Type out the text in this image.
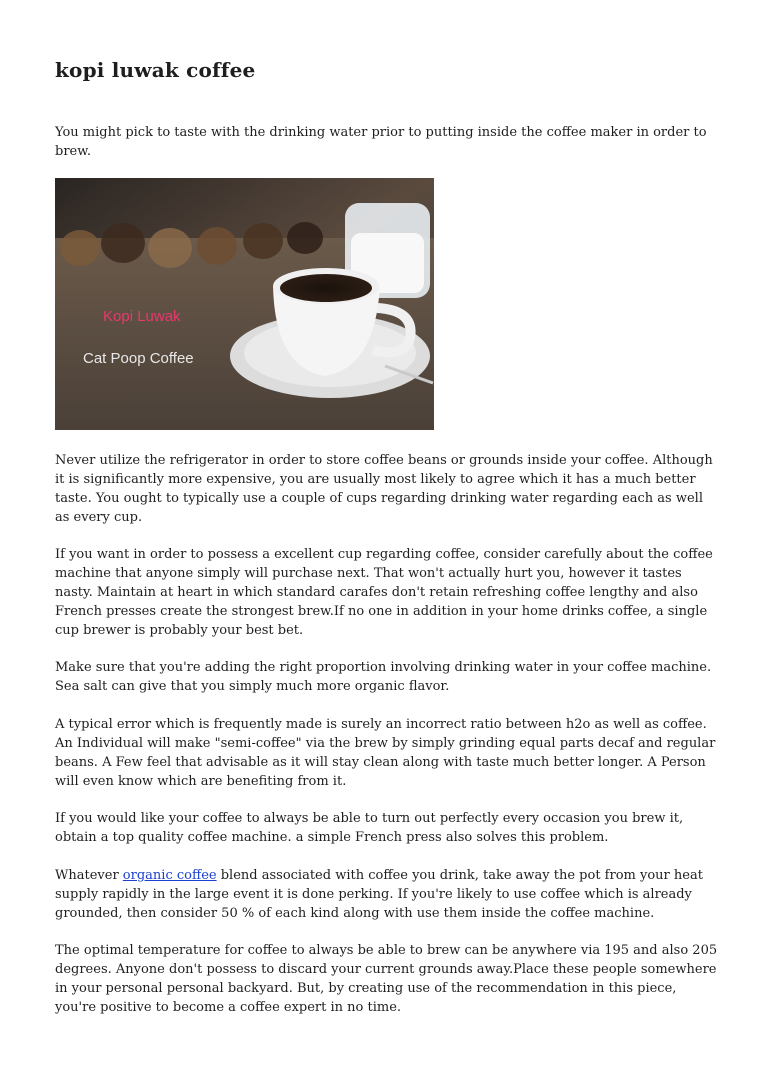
kopi luwak coffee

You might pick to taste with the drinking water prior to putting inside the coffee maker in order to brew.

Kopi Luwak
Cat Poop Coffee

Never utilize the refrigerator in order to store coffee beans or grounds inside your coffee. Although it is significantly more expensive, you are usually most likely to agree which it has a much better taste. You ought to typically use a couple of cups regarding drinking water regarding each as well as every cup.

If you want in order to possess a excellent cup regarding coffee, consider carefully about the coffee machine that anyone simply will purchase next. That won't actually hurt you, however it tastes nasty. Maintain at heart in which standard carafes don't retain refreshing coffee lengthy and also French presses create the strongest brew.If no one in addition in your home drinks coffee, a single cup brewer is probably your best bet.

Make sure that you're adding the right proportion involving drinking water in your coffee machine. Sea salt can give that you simply much more organic flavor.

A typical error which is frequently made is surely an incorrect ratio between h2o as well as coffee. An Individual will make "semi-coffee" via the brew by simply grinding equal parts decaf and regular beans. A Few feel that advisable as it will stay clean along with taste much better longer. A Person will even know which are benefiting from it.

If you would like your coffee to always be able to turn out perfectly every occasion you brew it, obtain a top quality coffee machine. a simple French press also solves this problem.

Whatever organic coffee blend associated with coffee you drink, take away the pot from your heat supply rapidly in the large event it is done perking. If you're likely to use coffee which is already grounded, then consider 50 % of each kind along with use them inside the coffee machine.

The optimal temperature for coffee to always be able to brew can be anywhere via 195 and also 205 degrees. Anyone don't possess to discard your current grounds away.Place these people somewhere in your personal personal backyard. But, by creating use of the recommendation in this piece, you're positive to become a coffee expert in no time.
